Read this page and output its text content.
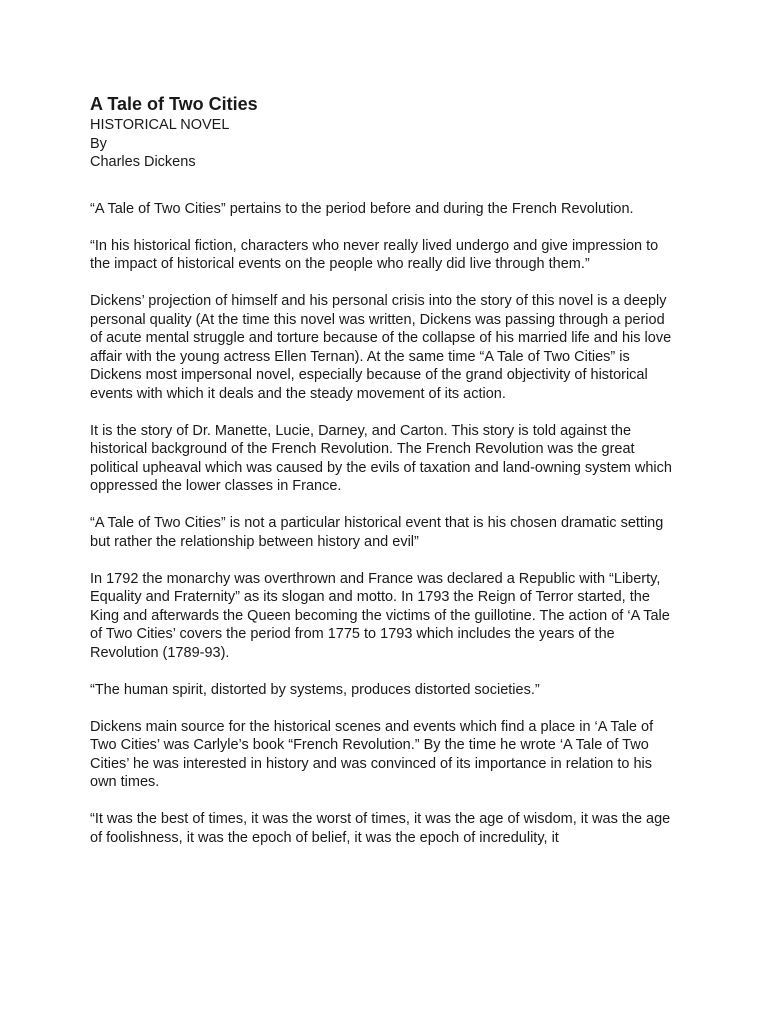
A Tale of Two Cities

HISTORICAL NOVEL

By

Charles Dickens

“A Tale of Two Cities” pertains to the period before and during the French Revolution.

“In his historical fiction, characters who never really lived undergo and give impression to the impact of historical events on the people who really did live through them.”

Dickens’ projection of himself and his personal crisis into the story of this novel is a deeply personal quality (At the time this novel was written, Dickens was passing through a period of acute mental struggle and torture because of the collapse of his married life and his love affair with the young actress Ellen Ternan). At the same time “A Tale of Two Cities” is Dickens most impersonal novel, especially because of the grand objectivity of historical events with which it deals and the steady movement of its action.

It is the story of Dr. Manette, Lucie, Darney, and Carton. This story is told against the historical background of the French Revolution. The French Revolution was the great political upheaval which was caused by the evils of taxation and land-owning system which oppressed the lower classes in France.

“A Tale of Two Cities” is not a particular historical event that is his chosen dramatic setting but rather the relationship between history and evil”

In 1792 the monarchy was overthrown and France was declared a Republic with “Liberty, Equality and Fraternity” as its slogan and motto. In 1793 the Reign of Terror started, the King and afterwards the Queen becoming the victims of the guillotine. The action of ‘A Tale of Two Cities’ covers the period from 1775 to 1793 which includes the years of the Revolution (1789-93).

“The human spirit, distorted by systems, produces distorted societies.”

Dickens main source for the historical scenes and events which find a place in ‘A Tale of Two Cities’ was Carlyle’s book “French Revolution.” By the time he wrote ‘A Tale of Two Cities’ he was interested in history and was convinced of its importance in relation to his own times.

“It was the best of times, it was the worst of times, it was the age of wisdom, it was the age of foolishness, it was the epoch of belief, it was the epoch of incredulity, it
